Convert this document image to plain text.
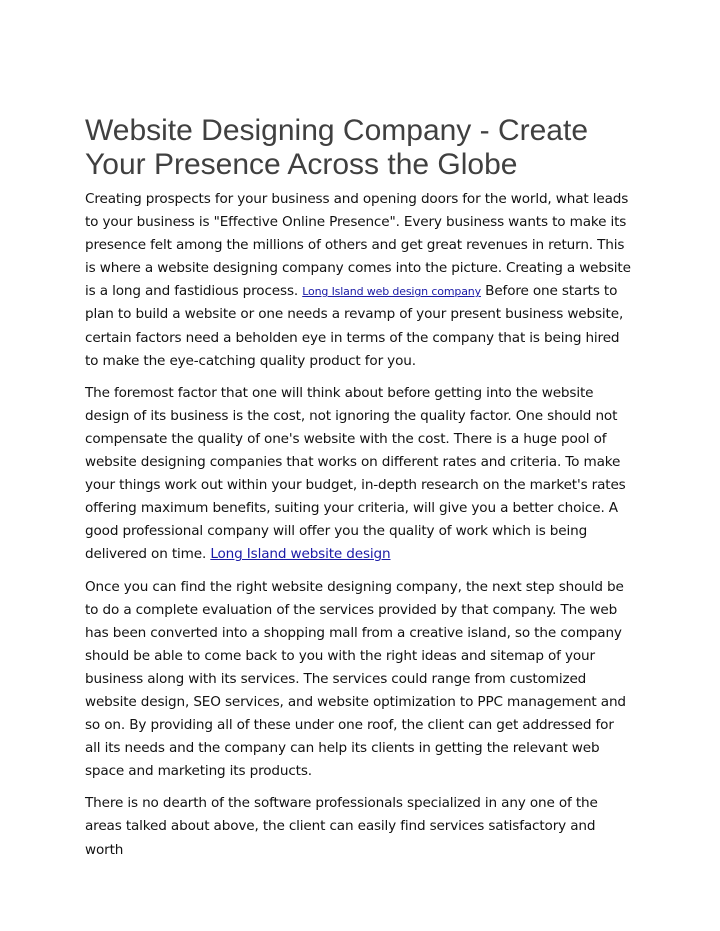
Website Designing Company - Create Your Presence Across the Globe

Creating prospects for your business and opening doors for the world, what leads to your business is "Effective Online Presence". Every business wants to make its presence felt among the millions of others and get great revenues in return. This is where a website designing company comes into the picture. Creating a website is a long and fastidious process. Long Island web design company Before one starts to plan to build a website or one needs a revamp of your present business website, certain factors need a beholden eye in terms of the company that is being hired to make the eye-catching quality product for you.

The foremost factor that one will think about before getting into the website design of its business is the cost, not ignoring the quality factor. One should not compensate the quality of one's website with the cost. There is a huge pool of website designing companies that works on different rates and criteria. To make your things work out within your budget, in-depth research on the market's rates offering maximum benefits, suiting your criteria, will give you a better choice. A good professional company will offer you the quality of work which is being delivered on time. Long Island website design

Once you can find the right website designing company, the next step should be to do a complete evaluation of the services provided by that company. The web has been converted into a shopping mall from a creative island, so the company should be able to come back to you with the right ideas and sitemap of your business along with its services. The services could range from customized website design, SEO services, and website optimization to PPC management and so on. By providing all of these under one roof, the client can get addressed for all its needs and the company can help its clients in getting the relevant web space and marketing its products.

There is no dearth of the software professionals specialized in any one of the areas talked about above, the client can easily find services satisfactory and worth
